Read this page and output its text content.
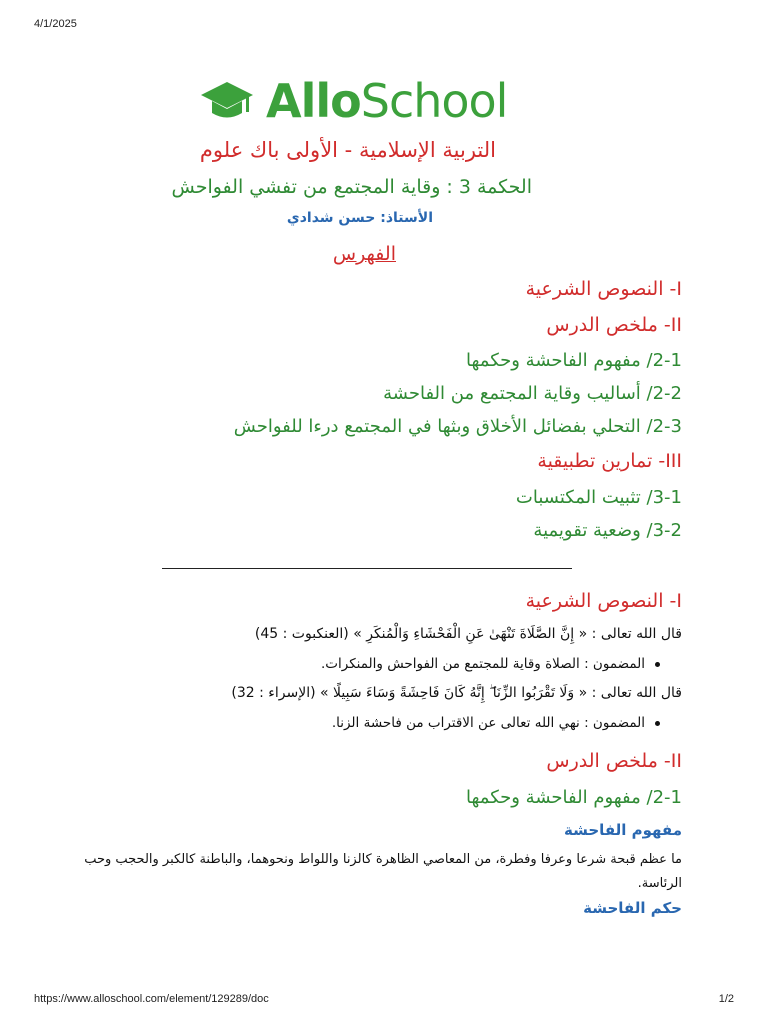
4/1/2025
https://www.alloschool.com/element/129289/doc	1/2
AlloSchool
التربية الإسلامية - الأولى باك علوم
الحكمة 3 : وقاية المجتمع من تفشي الفواحش
الأستاذ: حسن شدادي
الفهرس
I- النصوص الشرعية
II- ملخص الدرس
2-1/ مفهوم الفاحشة وحكمها
2-2/ أساليب وقاية المجتمع من الفاحشة
2-3/ التحلي بفضائل الأخلاق وبثها في المجتمع درءا للفواحش
III- تمارين تطبيقية
3-1/ تثبيت المكتسبات
3-2/ وضعية تقويمية
I- النصوص الشرعية
قال الله تعالى : « إِنَّ الصَّلَاةَ تَنْهَىٰ عَنِ الْفَحْشَاءِ وَالْمُنكَرِ » (العنكبوت : 45)
المضمون : الصلاة وقاية للمجتمع من الفواحش والمنكرات.
قال الله تعالى : « وَلَا تَقْرَبُوا الزِّنَا ۖ إِنَّهُ كَانَ فَاحِشَةً وَسَاءَ سَبِيلًا » (الإسراء : 32)
المضمون : نهي الله تعالى عن الاقتراب من فاحشة الزنا.
II- ملخص الدرس
2-1/ مفهوم الفاحشة وحكمها
مفهوم الفاحشة
ما عظم قبحة شرعا وعرفا وفطرة، من المعاصي الظاهرة كالزنا واللواط ونحوهما، والباطنة كالكبر والحجب وحب الرئاسة.
حكم الفاحشة
